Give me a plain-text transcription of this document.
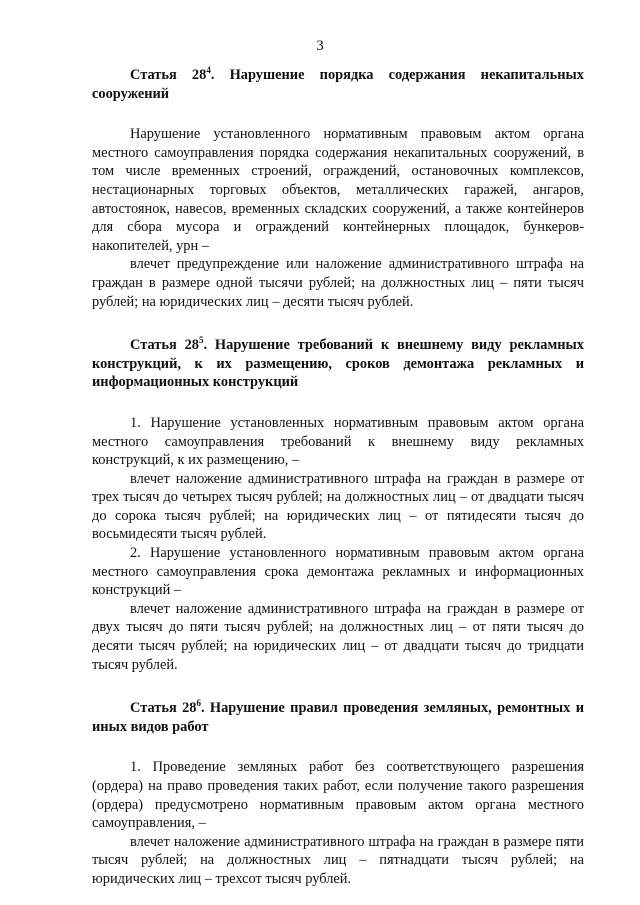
3

Статья $28^4$. Нарушение порядка содержания некапитальных сооружений

Нарушение установленного нормативным правовым актом органа местного самоуправления порядка содержания некапитальных сооружений, в том числе временных строений, ограждений, остановочных комплексов, нестационарных торговых объектов, металлических гаражей, ангаров, автостоянок, навесов, временных складских сооружений, а также контейнеров для сбора мусора и ограждений контейнерных площадок, бункеров-накопителей, урн –

влечет предупреждение или наложение административного штрафа на граждан в размере одной тысячи рублей; на должностных лиц – пяти тысяч рублей; на юридических лиц – десяти тысяч рублей.

Статья $28^5$. Нарушение требований к внешнему виду рекламных конструкций, к их размещению, сроков демонтажа рекламных и информационных конструкций

1. Нарушение установленных нормативным правовым актом органа местного самоуправления требований к внешнему виду рекламных конструкций, к их размещению, –

влечет наложение административного штрафа на граждан в размере от трех тысяч до четырех тысяч рублей; на должностных лиц – от двадцати тысяч до сорока тысяч рублей; на юридических лиц – от пятидесяти тысяч до восьмидесяти тысяч рублей.

2. Нарушение установленного нормативным правовым актом органа местного самоуправления срока демонтажа рекламных и информационных конструкций –

влечет наложение административного штрафа на граждан в размере от двух тысяч до пяти тысяч рублей; на должностных лиц – от пяти тысяч до десяти тысяч рублей; на юридических лиц – от двадцати тысяч до тридцати тысяч рублей.

Статья $28^6$. Нарушение правил проведения земляных, ремонтных и иных видов работ

1. Проведение земляных работ без соответствующего разрешения (ордера) на право проведения таких работ, если получение такого разрешения (ордера) предусмотрено нормативным правовым актом органа местного самоуправления, –

влечет наложение административного штрафа на граждан в размере пяти тысяч рублей; на должностных лиц – пятнадцати тысяч рублей; на юридических лиц – трехсот тысяч рублей.
